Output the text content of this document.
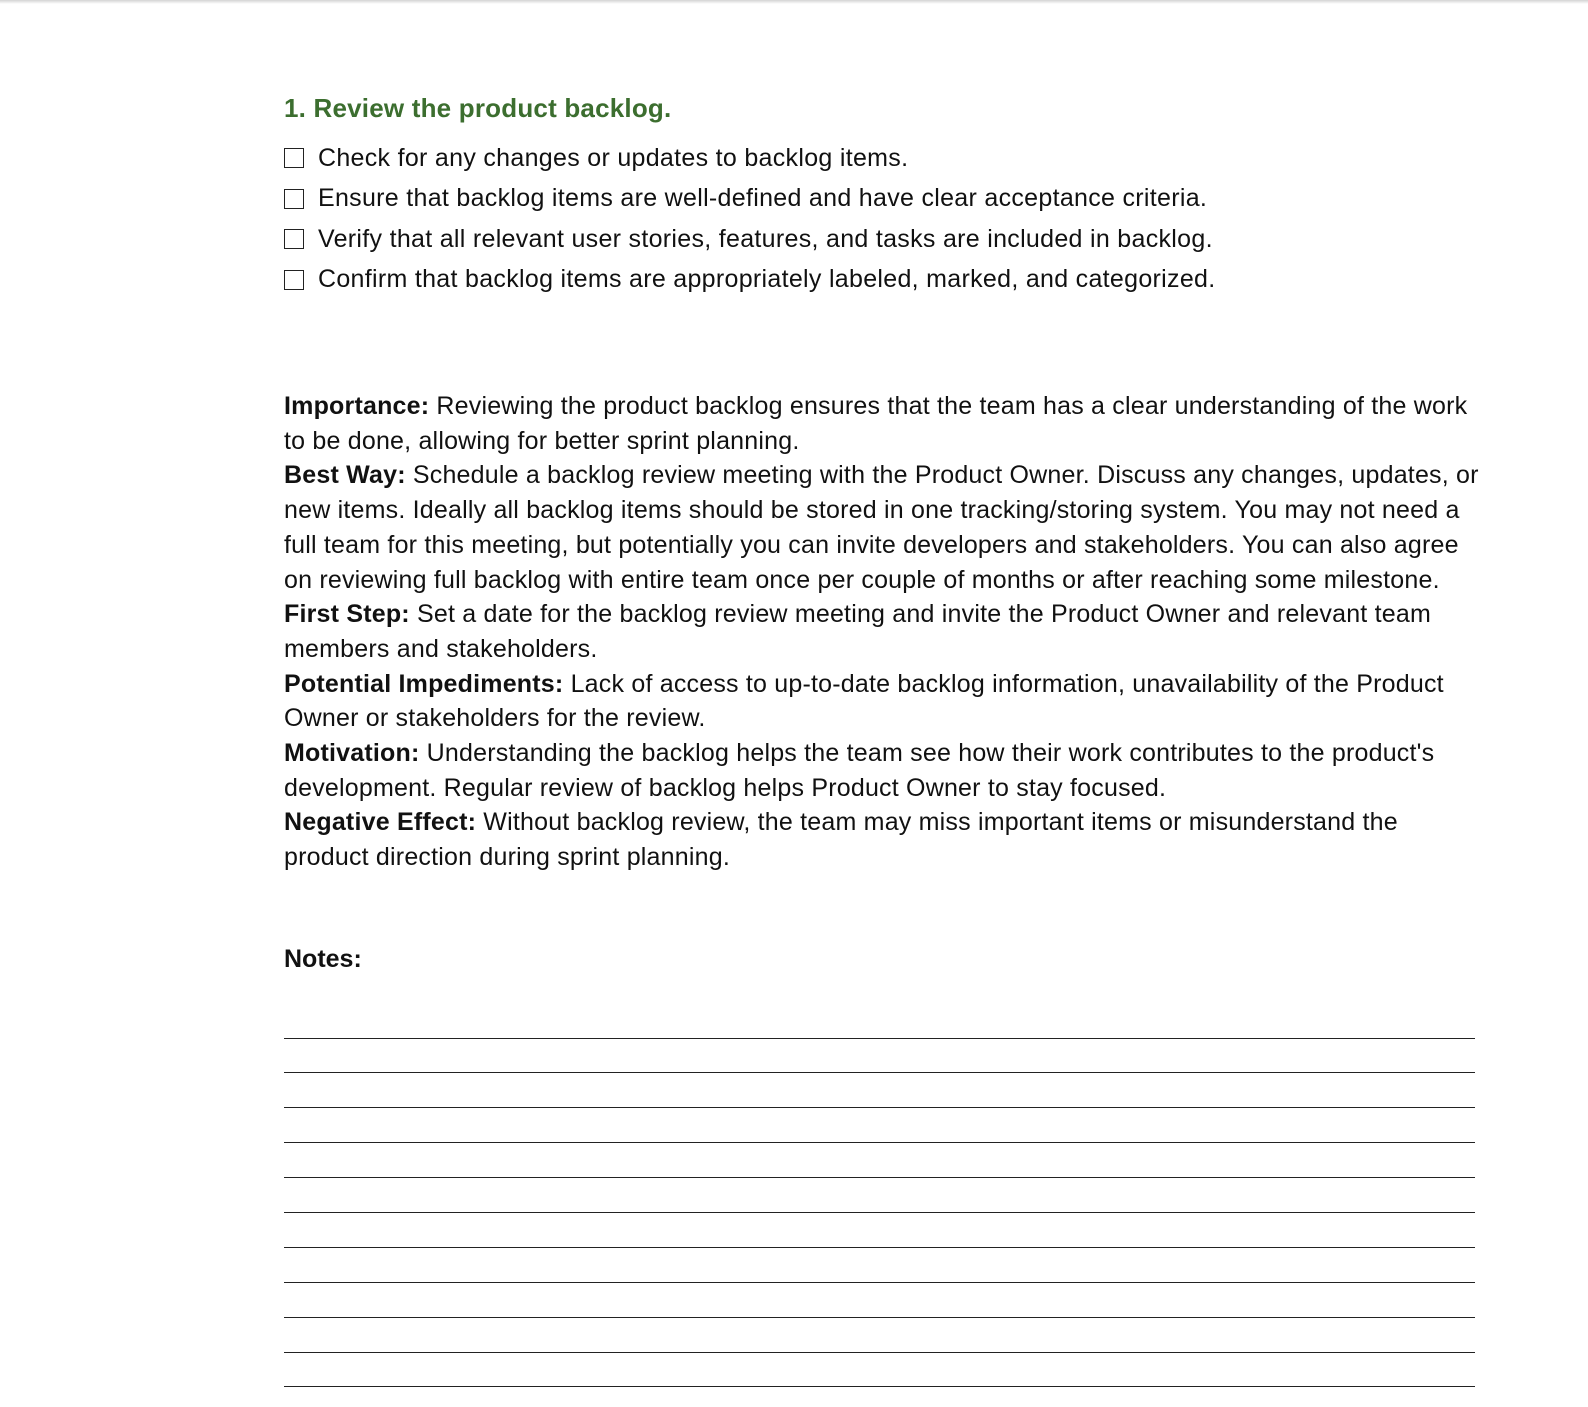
1. Review the product backlog.
Check for any changes or updates to backlog items.
Ensure that backlog items are well-defined and have clear acceptance criteria.
Verify that all relevant user stories, features, and tasks are included in backlog.
Confirm that backlog items are appropriately labeled, marked, and categorized.

Importance: Reviewing the product backlog ensures that the team has a clear understanding of the work to be done, allowing for better sprint planning.

Best Way: Schedule a backlog review meeting with the Product Owner. Discuss any changes, updates, or new items. Ideally all backlog items should be stored in one tracking/storing system. You may not need a full team for this meeting, but potentially you can invite developers and stakeholders. You can also agree on reviewing full backlog with entire team once per couple of months or after reaching some milestone.

First Step: Set a date for the backlog review meeting and invite the Product Owner and relevant team members and stakeholders.

Potential Impediments: Lack of access to up-to-date backlog information, unavailability of the Product Owner or stakeholders for the review.

Motivation: Understanding the backlog helps the team see how their work contributes to the product's development. Regular review of backlog helps Product Owner to stay focused.

Negative Effect: Without backlog review, the team may miss important items or misunderstand the product direction during sprint planning.

Notes:
